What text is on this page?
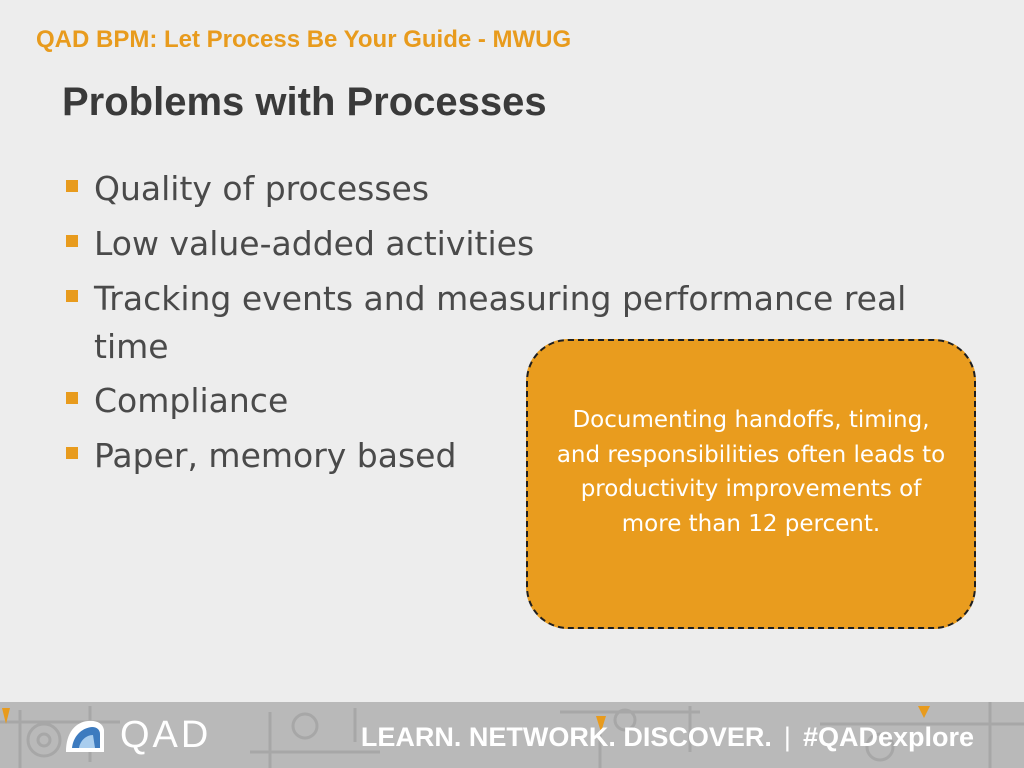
QAD BPM: Let Process Be Your Guide - MWUG
Problems with Processes
Quality of processes
Low value-added activities
Tracking events and measuring performance real time
Compliance
Paper, memory based
Documenting handoffs, timing, and responsibilities often leads to productivity improvements of more than 12 percent.
QAD	LEARN. NETWORK. DISCOVER. | #QADexplore
